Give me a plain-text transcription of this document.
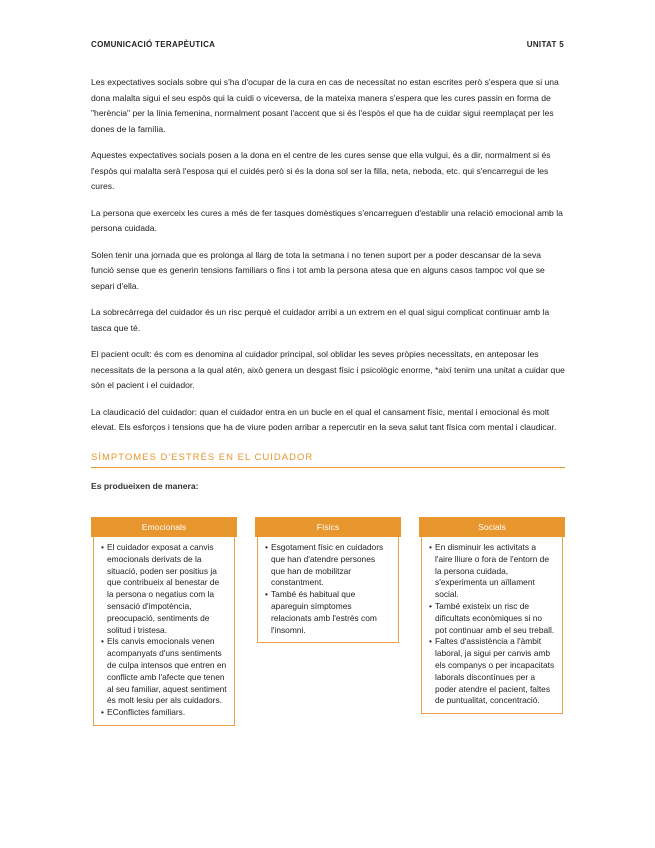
COMUNICACIÓ TERAPÈUTICA	UNITAT 5

Les expectatives socials sobre qui s'ha d'ocupar de la cura en cas de necessitat no estan escrites però s'espera que si una dona malalta sigui el seu espòs qui la cuidi o viceversa, de la mateixa manera s'espera que les cures passin en forma de "herència" per la línia femenina, normalment posant l'accent que si és l'espòs el que ha de cuidar sigui reemplaçat per les dones de la família.

Aquestes expectatives socials posen a la dona en el centre de les cures sense que ella vulgui, és a dir, normalment si és l'espòs qui malalta serà l'esposa qui el cuidés però si és la dona sol ser la filla, neta, neboda, etc. qui s'encarregui de les cures.

La persona que exerceix les cures a més de fer tasques domèstiques s'encarreguen d'establir una relació emocional amb la persona cuidada.

Solen tenir una jornada que es prolonga al llarg de tota la setmana i no tenen suport per a poder descansar de la seva funció sense que es generin tensions familiars o fins i tot amb la persona atesa que en alguns casos tampoc vol que se separi d'ella.

La sobrecàrrega del cuidador és un risc perquè el cuidador arribi a un extrem en el qual sigui complicat continuar amb la tasca que té.

El pacient ocult: és com es denomina al cuidador principal, sol oblidar les seves pròpies necessitats, en anteposar les necessitats de la persona a la qual atén, això genera un desgast físic i psicològic enorme, *així tenim una unitat a cuidar que són el pacient i el cuidador.

La claudicació del cuidador: quan el cuidador entra en un bucle en el qual el cansament físic, mental i emocional és molt elevat. Els esforços i tensions que ha de viure poden arribar a repercutir en la seva salut tant física com mental i claudicar.

SÍMPTOMES D'ESTRÈS EN EL CUIDADOR
Es produeixen de manera:
Emocionals
• El cuidador exposat a canvis emocionals derivats de la situació, poden ser positius ja que contribueix al benestar de la persona o negatius com la sensació d'impotència, preocupació, sentiments de solitud i tristesa.
• Els canvis emocionals venen acompanyats d'uns sentiments de culpa intensos que entren en conflicte amb l'afecte que tenen al seu familiar, aquest sentiment és molt lesiu per als cuidadors.
• EConflictes familiars.
Físics
• Esgotament físic en cuidadors que han d'atendre persones que han de mobilitzar constantment.
• També és habitual que apareguin símptomes relacionats amb l'estrès com l'insomni.
Socials
• En disminuir les activitats a l'aire lliure o fora de l'entorn de la persona cuidada, s'experimenta un aïllament social.
• També existeix un risc de dificultats econòmiques si no pot continuar amb el seu treball.
• Faltes d'assistència a l'àmbit laboral, ja sigui per canvis amb els companys o per incapacitats laborals discontínues per a poder atendre el pacient, faltes de puntualitat, concentració.
